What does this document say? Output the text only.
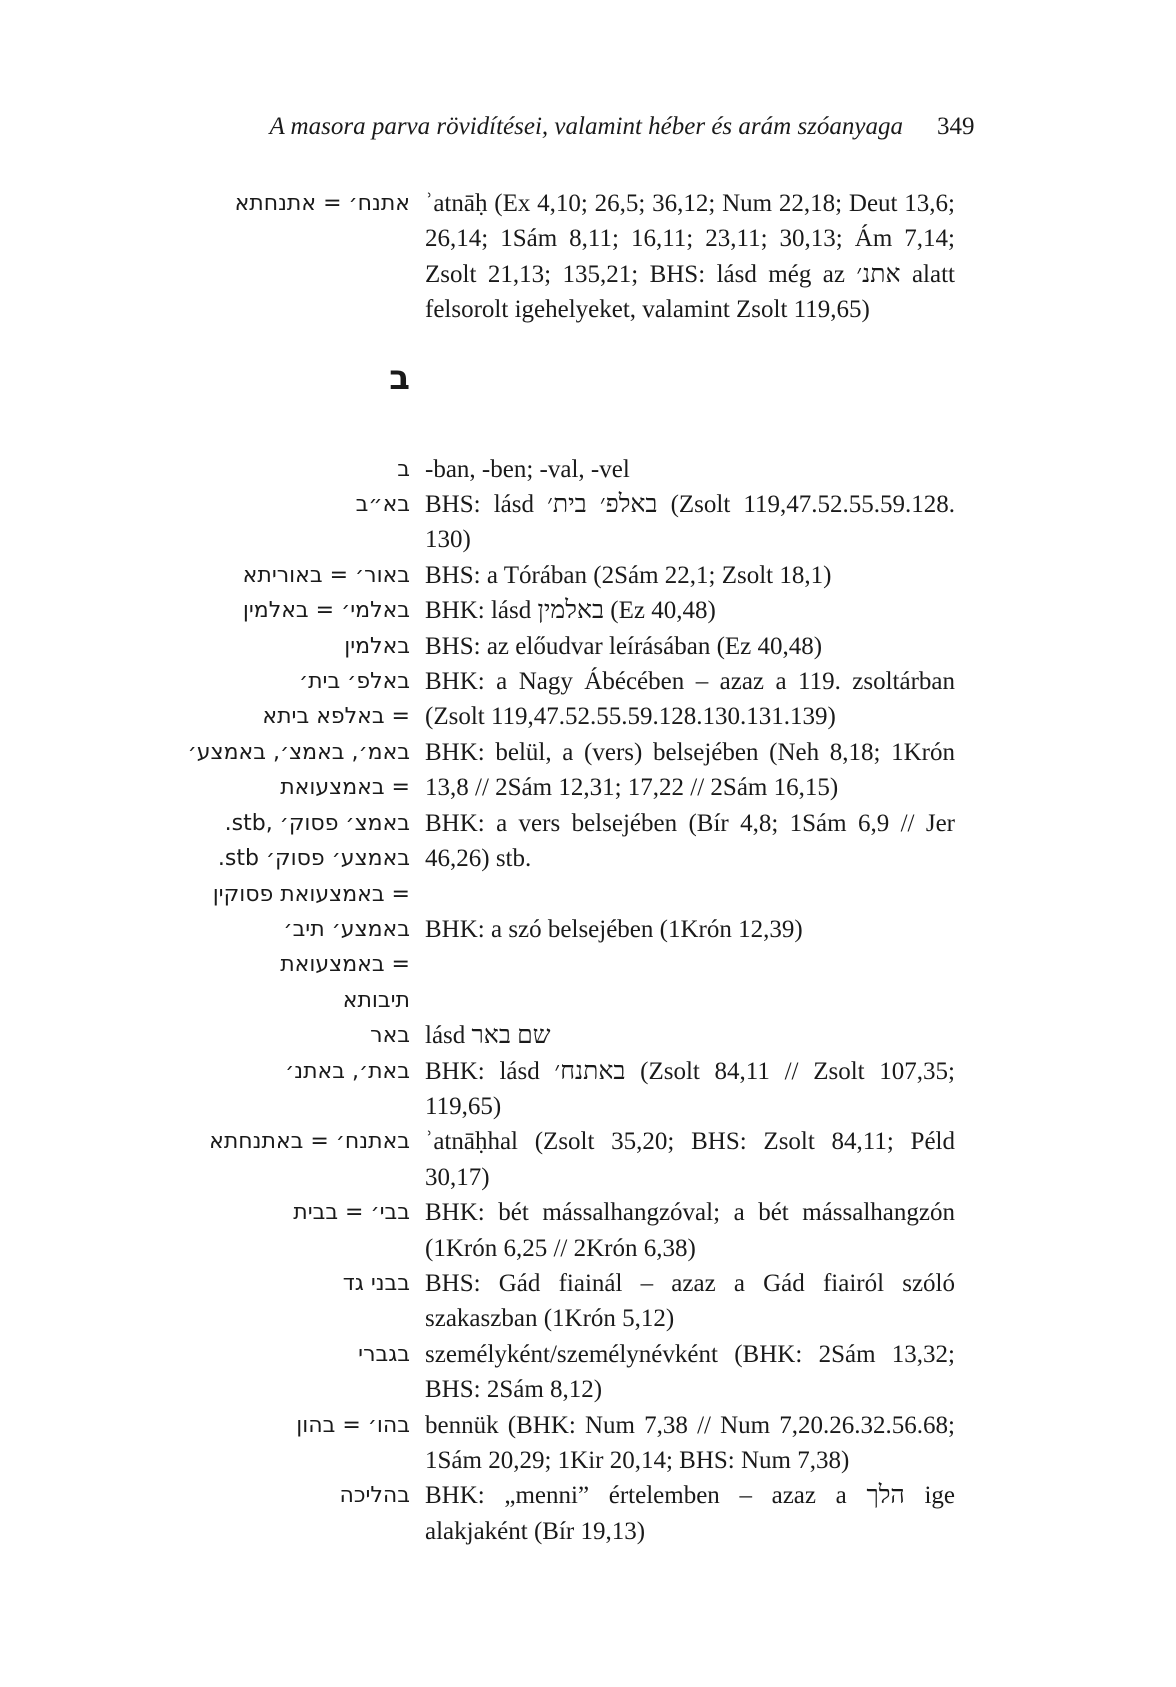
A masora parva rövidítései, valamint héber és arám szóanyaga 349
אתנח׳ = אתנחתא ʾatnāḥ (Ex 4,10; 26,5; 36,12; Num 22,18; Deut 13,6; 26,14; 1Sám 8,11; 16,11; 23,11; 30,13; Ám 7,14; Zsolt 21,13; 135,21; BHS: lásd még az אתנ׳ alatt felsorolt igehelyeket, valamint Zsolt 119,65)
ב
ב -ban, -ben; -val, -vel
בא״ב BHS: lásd באלפ׳ בית׳ (Zsolt 119,47.52.55.59.128. 130)
באור׳ = באוריתא BHS: a Tórában (2Sám 22,1; Zsolt 18,1)
באלמי׳ = באלמין BHK: lásd באלמין (Ez 40,48)
באלמין BHS: az előudvar leírásában (Ez 40,48)
באלפ׳ בית׳
= באלפא ביתא
BHK: a Nagy Ábécében – azaz a 119. zsoltárban (Zsolt 119,47.52.55.59.128.130.131.139)
באמ׳, באמצ׳, באמצע׳
= באמצעואת
BHK: belül, a (vers) belsejében (Neh 8,18; 1Krón 13,8 // 2Sám 12,31; 17,22 // 2Sám 16,15)
באמצ׳ פסוק׳ ,stb.
באמצע׳ פסוק׳ stb.
= באמצעואת פסוקין
BHK: a vers belsejében (Bír 4,8; 1Sám 6,9 // Jer 46,26) stb.
באמצע׳ תיב׳
= באמצעואת
תיבותא
BHK: a szó belsejében (1Krón 12,39)
באר lásd שם באר
באת׳, באתנ׳ BHK: lásd באתנח׳ (Zsolt 84,11 // Zsolt 107,35; 119,65)
באתנח׳ = באתנחתא ʾatnāḥhal (Zsolt 35,20; BHS: Zsolt 84,11; Péld 30,17)
בבי׳ = בבית BHK: bét mássalhangzóval; a bét mássalhangzón (1Krón 6,25 // 2Krón 6,38)
בבני גד BHS: Gád fiainál – azaz a Gád fiairól szóló szakaszban (1Krón 5,12)
בגברי személyként/személynévként (BHK: 2Sám 13,32; BHS: 2Sám 8,12)
בהו׳ = בהון bennük (BHK: Num 7,38 // Num 7,20.26.32.56.68; 1Sám 20,29; 1Kir 20,14; BHS: Num 7,38)
בהליכה BHK: „menni” értelemben – azaz a הלך ige alakjaként (Bír 19,13)
